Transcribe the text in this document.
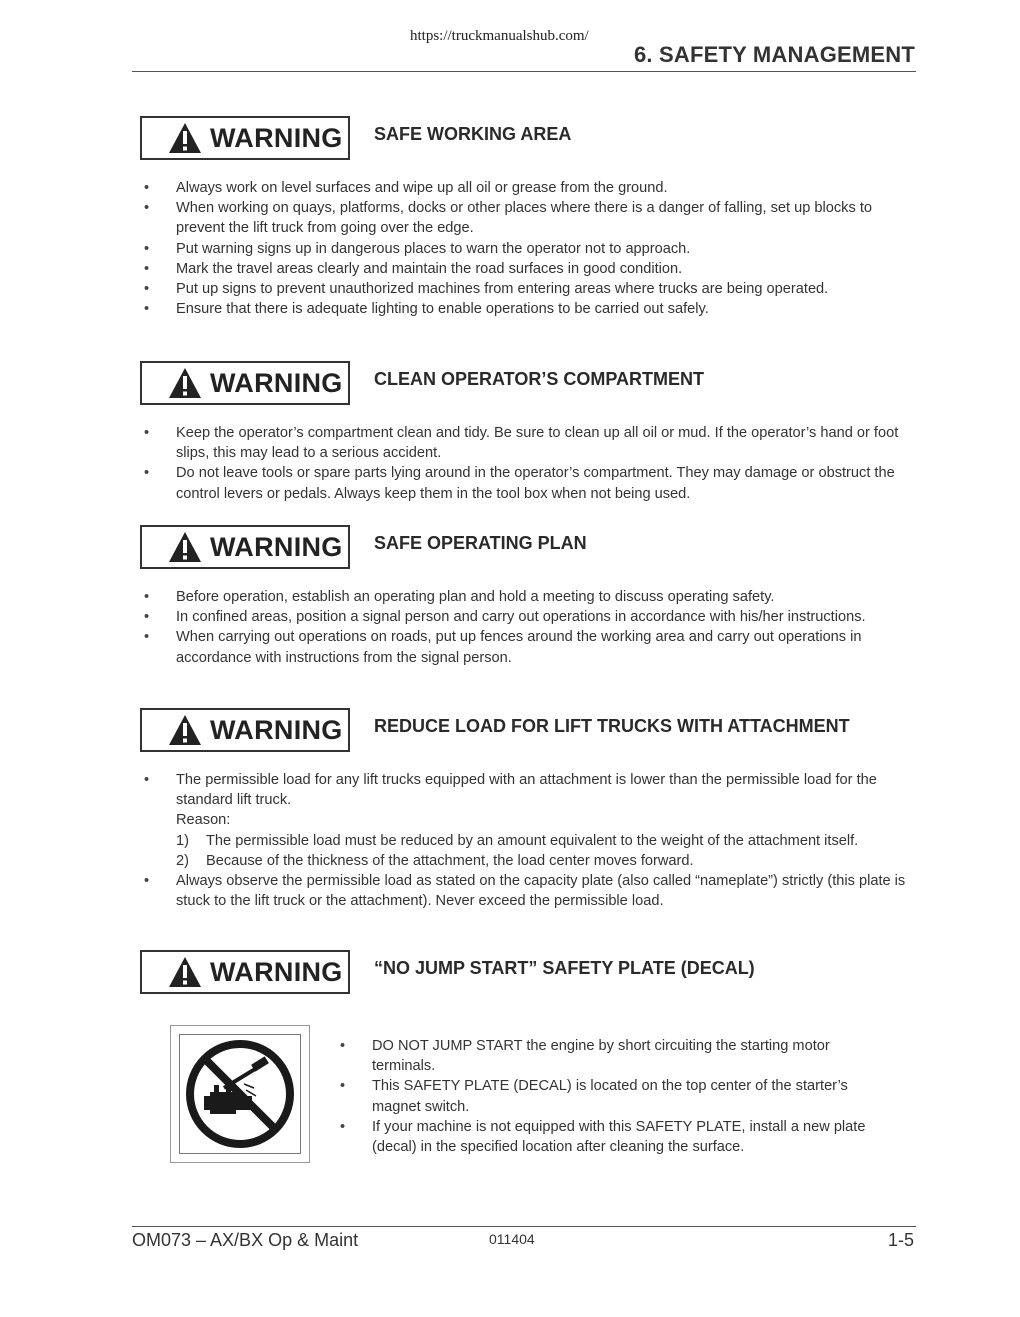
https://truckmanualshub.com/
6. SAFETY MANAGEMENT
WARNING SAFE WORKING AREA
• Always work on level surfaces and wipe up all oil or grease from the ground.
• When working on quays, platforms, docks or other places where there is a danger of falling, set up blocks to prevent the lift truck from going over the edge.
• Put warning signs up in dangerous places to warn the operator not to approach.
• Mark the travel areas clearly and maintain the road surfaces in good condition.
• Put up signs to prevent unauthorized machines from entering areas where trucks are being operated.
• Ensure that there is adequate lighting to enable operations to be carried out safely.
WARNING CLEAN OPERATOR’S COMPARTMENT
• Keep the operator’s compartment clean and tidy. Be sure to clean up all oil or mud. If the operator’s hand or foot slips, this may lead to a serious accident.
• Do not leave tools or spare parts lying around in the operator’s compartment. They may damage or obstruct the control levers or pedals. Always keep them in the tool box when not being used.
WARNING SAFE OPERATING PLAN
• Before operation, establish an operating plan and hold a meeting to discuss operating safety.
• In confined areas, position a signal person and carry out operations in accordance with his/her instructions.
• When carrying out operations on roads, put up fences around the working area and carry out operations in accordance with instructions from the signal person.
WARNING REDUCE LOAD FOR LIFT TRUCKS WITH ATTACHMENT
• The permissible load for any lift trucks equipped with an attachment is lower than the permissible load for the standard lift truck.
Reason:
1) The permissible load must be reduced by an amount equivalent to the weight of the attachment itself.
2) Because of the thickness of the attachment, the load center moves forward.
• Always observe the permissible load as stated on the capacity plate (also called “nameplate”) strictly (this plate is stuck to the lift truck or the attachment). Never exceed the permissible load.
WARNING “NO JUMP START” SAFETY PLATE (DECAL)
• DO NOT JUMP START the engine by short circuiting the starting motor terminals.
• This SAFETY PLATE (DECAL) is located on the top center of the starter’s magnet switch.
• If your machine is not equipped with this SAFETY PLATE, install a new plate (decal) in the specified location after cleaning the surface.
OM073 – AX/BX Op & Maint	011404	1-5
